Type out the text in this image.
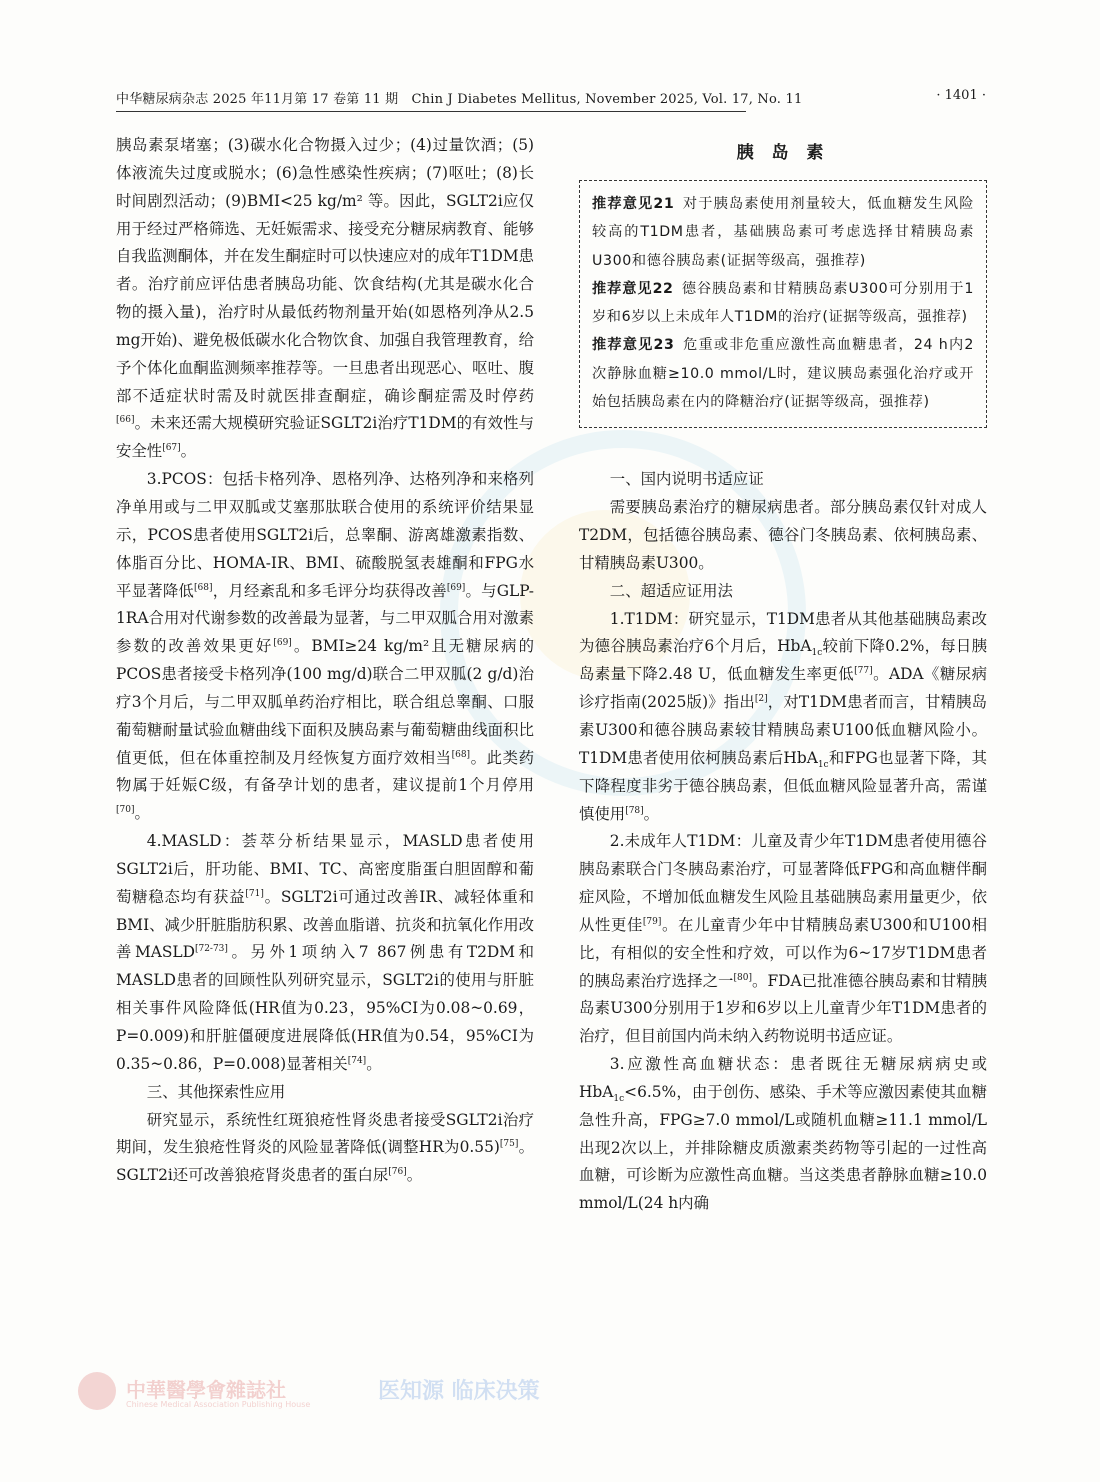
中华糖尿病杂志 2025 年11月第 17 卷第 11 期　Chin J Diabetes Mellitus, November 2025, Vol. 17, No. 11	· 1401 ·

胰岛素泵堵塞；(3)碳水化合物摄入过少；(4)过量饮酒；(5)体液流失过度或脱水；(6)急性感染性疾病；(7)呕吐；(8)长时间剧烈活动；(9)BMI<25 kg/m² 等。因此，SGLT2i应仅用于经过严格筛选、无妊娠需求、接受充分糖尿病教育、能够自我监测酮体，并在发生酮症时可以快速应对的成年T1DM患者。治疗前应评估患者胰岛功能、饮食结构(尤其是碳水化合物的摄入量)，治疗时从最低药物剂量开始(如恩格列净从2.5 mg开始)、避免极低碳水化合物饮食、加强自我管理教育，给予个体化血酮监测频率推荐等。一旦患者出现恶心、呕吐、腹部不适症状时需及时就医排查酮症，确诊酮症需及时停药[66]。未来还需大规模研究验证SGLT2i治疗T1DM的有效性与安全性[67]。

3.PCOS：包括卡格列净、恩格列净、达格列净和来格列净单用或与二甲双胍或艾塞那肽联合使用的系统评价结果显示，PCOS患者使用SGLT2i后，总睾酮、游离雄激素指数、体脂百分比、HOMA-IR、BMI、硫酸脱氢表雄酮和FPG水平显著降低[68]，月经紊乱和多毛评分均获得改善[69]。与GLP-1RA合用对代谢参数的改善最为显著，与二甲双胍合用对激素参数的改善效果更好[69]。BMI≥24 kg/m²且无糖尿病的PCOS患者接受卡格列净(100 mg/d)联合二甲双胍(2 g/d)治疗3个月后，与二甲双胍单药治疗相比，联合组总睾酮、口服葡萄糖耐量试验血糖曲线下面积及胰岛素与葡萄糖曲线面积比值更低，但在体重控制及月经恢复方面疗效相当[68]。此类药物属于妊娠C级，有备孕计划的患者，建议提前1个月停用[70]。

4.MASLD：荟萃分析结果显示，MASLD患者使用SGLT2i后，肝功能、BMI、TC、高密度脂蛋白胆固醇和葡萄糖稳态均有获益[71]。SGLT2i可通过改善IR、减轻体重和BMI、减少肝脏脂肪积累、改善血脂谱、抗炎和抗氧化作用改善MASLD[72-73]。另外1项纳入7 867例患有T2DM和MASLD患者的回顾性队列研究显示，SGLT2i的使用与肝脏相关事件风险降低(HR值为0.23，95%CI为0.08~0.69，P=0.009)和肝脏僵硬度进展降低(HR值为0.54，95%CI为0.35~0.86，P=0.008)显著相关[74]。

三、其他探索性应用

研究显示，系统性红斑狼疮性肾炎患者接受SGLT2i治疗期间，发生狼疮性肾炎的风险显著降低(调整HR为0.55)[75]。SGLT2i还可改善狼疮肾炎患者的蛋白尿[76]。

胰 岛 素

推荐意见21 对于胰岛素使用剂量较大，低血糖发生风险较高的T1DM患者，基础胰岛素可考虑选择甘精胰岛素U300和德谷胰岛素(证据等级高，强推荐)

推荐意见22 德谷胰岛素和甘精胰岛素U300可分别用于1岁和6岁以上未成年人T1DM的治疗(证据等级高，强推荐)

推荐意见23 危重或非危重应激性高血糖患者，24 h内2次静脉血糖≥10.0 mmol/L时，建议胰岛素强化治疗或开始包括胰岛素在内的降糖治疗(证据等级高，强推荐)

一、国内说明书适应证

需要胰岛素治疗的糖尿病患者。部分胰岛素仅针对成人T2DM，包括德谷胰岛素、德谷门冬胰岛素、依柯胰岛素、甘精胰岛素U300。

二、超适应证用法

1.T1DM：研究显示，T1DM患者从其他基础胰岛素改为德谷胰岛素治疗6个月后，HbA$_{1c}$较前下降0.2%，每日胰岛素量下降2.48 U，低血糖发生率更低[77]。ADA《糖尿病诊疗指南(2025版)》指出[2]，对T1DM患者而言，甘精胰岛素U300和德谷胰岛素较甘精胰岛素U100低血糖风险小。T1DM患者使用依柯胰岛素后HbA$_{1c}$和FPG也显著下降，其下降程度非劣于德谷胰岛素，但低血糖风险显著升高，需谨慎使用[78]。

2.未成年人T1DM：儿童及青少年T1DM患者使用德谷胰岛素联合门冬胰岛素治疗，可显著降低FPG和高血糖伴酮症风险，不增加低血糖发生风险且基础胰岛素用量更少，依从性更佳[79]。在儿童青少年中甘精胰岛素U300和U100相比，有相似的安全性和疗效，可以作为6~17岁T1DM患者的胰岛素治疗选择之一[80]。FDA已批准德谷胰岛素和甘精胰岛素U300分别用于1岁和6岁以上儿童青少年T1DM患者的治疗，但目前国内尚未纳入药物说明书适应证。

3.应激性高血糖状态：患者既往无糖尿病病史或HbA$_{1c}$<6.5%，由于创伤、感染、手术等应激因素使其血糖急性升高，FPG≥7.0 mmol/L或随机血糖≥11.1 mmol/L出现2次以上，并排除糖皮质激素类药物等引起的一过性高血糖，可诊断为应激性高血糖。当这类患者静脉血糖≥10.0 mmol/L(24 h内确

中華醫學會雜誌社
Chinese Medical Association Publishing House
医知源 临床决策
